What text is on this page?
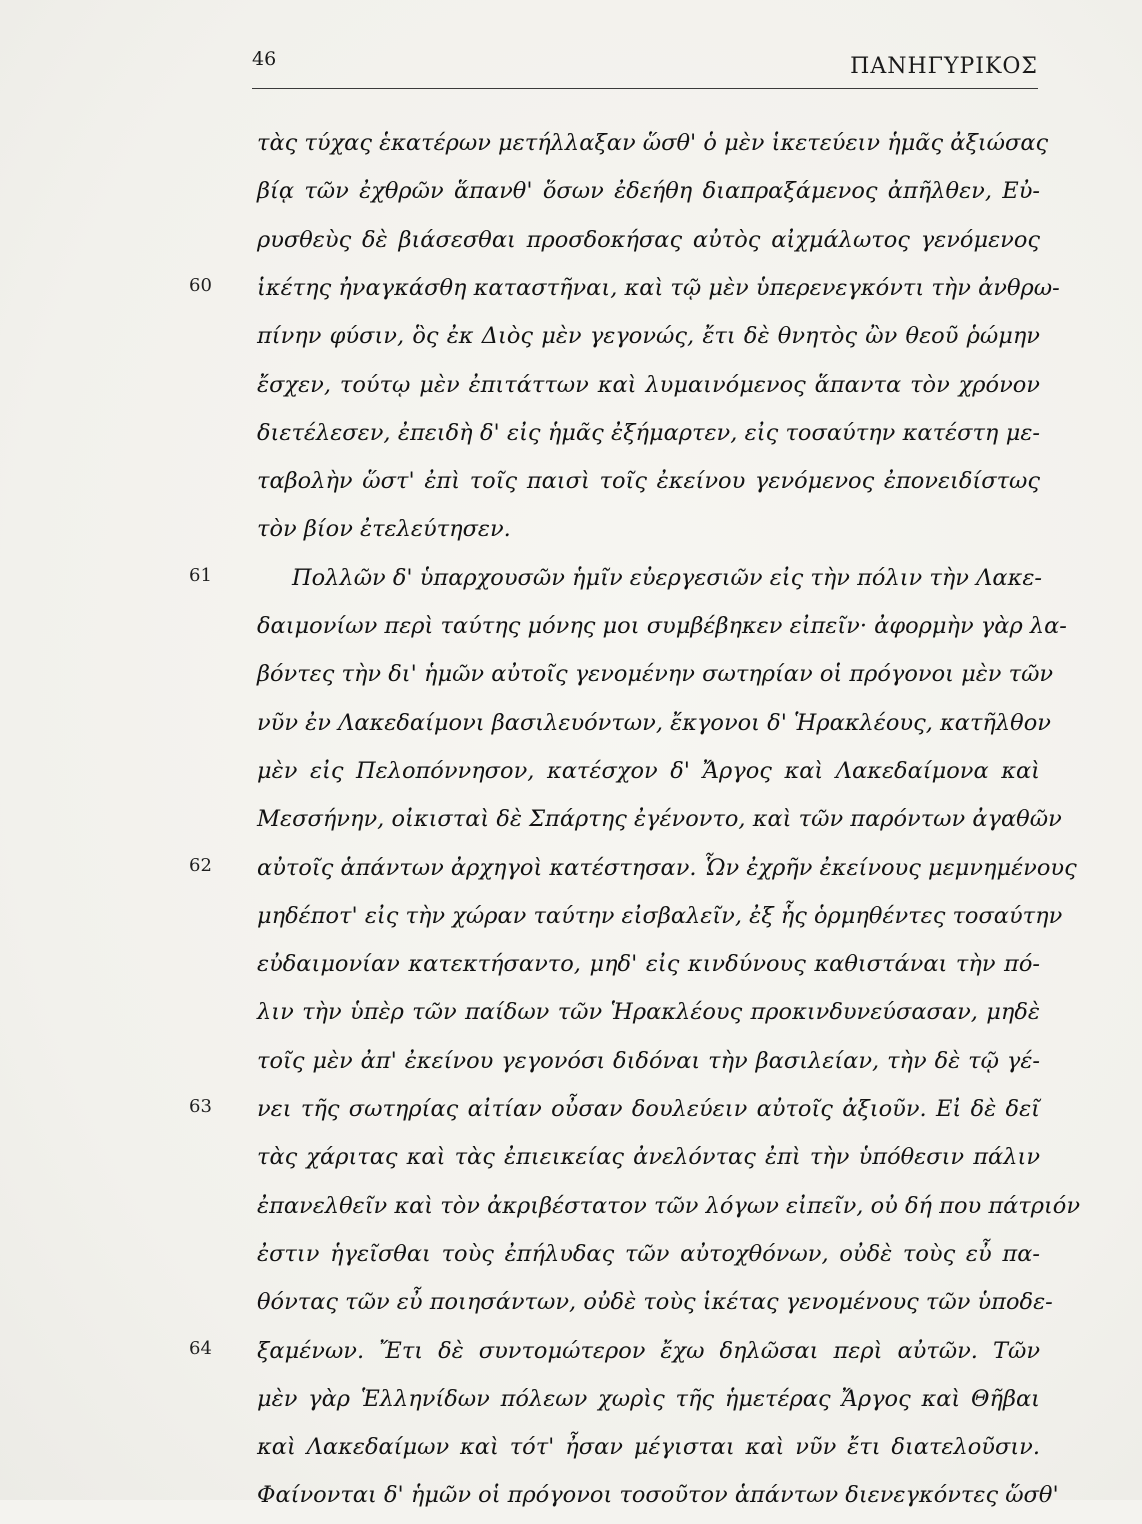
46	ΠΑΝΗΓΥΡΙΚΟΣ
τὰς τύχας ἑκατέρων μετήλλαξαν ὥσθ' ὁ μὲν ἱκετεύειν ἡμᾶς ἀξιώσας
βίᾳ τῶν ἐχθρῶν ἅπανθ' ὅσων ἐδεήθη διαπραξάμενος ἀπῆλθεν, Εὐ-
ρυσθεὺς δὲ βιάσεσθαι προσδοκήσας αὐτὸς αἰχμάλωτος γενόμενος
60 ἱκέτης ἠναγκάσθη καταστῆναι, καὶ τῷ μὲν ὑπερενεγκόντι τὴν ἀνθρω-
πίνην φύσιν, ὃς ἐκ Διὸς μὲν γεγονώς, ἔτι δὲ θνητὸς ὢν θεοῦ ῥώμην
ἔσχεν, τούτῳ μὲν ἐπιτάττων καὶ λυμαινόμενος ἅπαντα τὸν χρόνον
διετέλεσεν, ἐπειδὴ δ' εἰς ἡμᾶς ἐξήμαρτεν, εἰς τοσαύτην κατέστη με-
ταβολὴν ὥστ' ἐπὶ τοῖς παισὶ τοῖς ἐκείνου γενόμενος ἐπονειδίστως
τὸν βίον ἐτελεύτησεν.
61	Πολλῶν δ' ὑπαρχουσῶν ἡμῖν εὐεργεσιῶν εἰς τὴν πόλιν τὴν Λακε-
δαιμονίων περὶ ταύτης μόνης μοι συμβέβηκεν εἰπεῖν· ἀφορμὴν γὰρ λα-
βόντες τὴν δι' ἡμῶν αὐτοῖς γενομένην σωτηρίαν οἱ πρόγονοι μὲν τῶν
νῦν ἐν Λακεδαίμονι βασιλευόντων, ἔκγονοι δ' Ἡρακλέους, κατῆλθον
μὲν εἰς Πελοπόννησον, κατέσχον δ' Ἄργος καὶ Λακεδαίμονα καὶ
Μεσσήνην, οἰκισταὶ δὲ Σπάρτης ἐγένοντο, καὶ τῶν παρόντων ἀγαθῶν
62 αὐτοῖς ἁπάντων ἀρχηγοὶ κατέστησαν. Ὧν ἐχρῆν ἐκείνους μεμνημένους
μηδέποτ' εἰς τὴν χώραν ταύτην εἰσβαλεῖν, ἐξ ἧς ὁρμηθέντες τοσαύτην
εὐδαιμονίαν κατεκτήσαντο, μηδ' εἰς κινδύνους καθιστάναι τὴν πό-
λιν τὴν ὑπὲρ τῶν παίδων τῶν Ἡρακλέους προκινδυνεύσασαν, μηδὲ
τοῖς μὲν ἀπ' ἐκείνου γεγονόσι διδόναι τὴν βασιλείαν, τὴν δὲ τῷ γέ-
63 νει τῆς σωτηρίας αἰτίαν οὖσαν δουλεύειν αὐτοῖς ἀξιοῦν. Εἰ δὲ δεῖ
τὰς χάριτας καὶ τὰς ἐπιεικείας ἀνελόντας ἐπὶ τὴν ὑπόθεσιν πάλιν
ἐπανελθεῖν καὶ τὸν ἀκριβέστατον τῶν λόγων εἰπεῖν, οὐ δή που πάτριόν
ἐστιν ἡγεῖσθαι τοὺς ἐπήλυδας τῶν αὐτοχθόνων, οὐδὲ τοὺς εὖ πα-
θόντας τῶν εὖ ποιησάντων, οὐδὲ τοὺς ἱκέτας γενομένους τῶν ὑποδε-
64 ξαμένων. Ἔτι δὲ συντομώτερον ἔχω δηλῶσαι περὶ αὐτῶν. Τῶν
μὲν γὰρ Ἑλληνίδων πόλεων χωρὶς τῆς ἡμετέρας Ἄργος καὶ Θῆβαι
καὶ Λακεδαίμων καὶ τότ' ἦσαν μέγισται καὶ νῦν ἔτι διατελοῦσιν.
Φαίνονται δ' ἡμῶν οἱ πρόγονοι τοσοῦτον ἁπάντων διενεγκόντες ὥσθ'
